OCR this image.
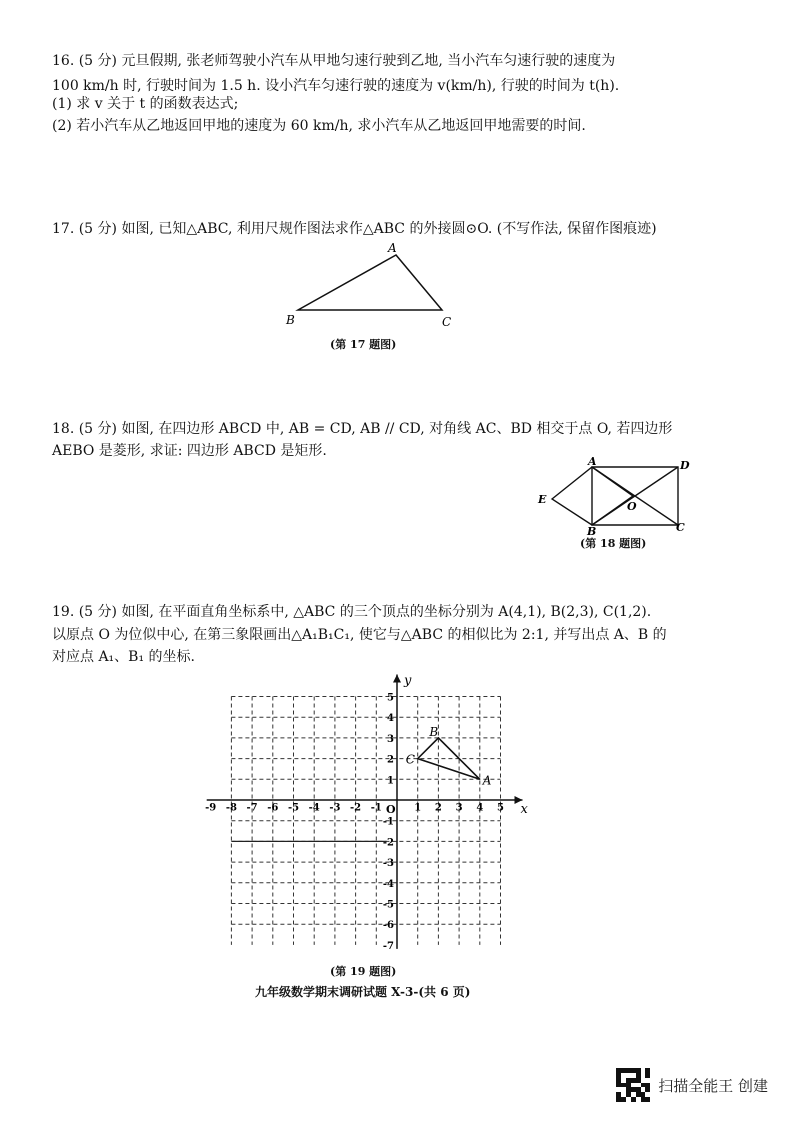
16. (5 分) 元旦假期, 张老师驾驶小汽车从甲地匀速行驶到乙地, 当小汽车匀速行驶的速度为
100 km/h 时, 行驶时间为 1.5 h. 设小汽车匀速行驶的速度为 v(km/h), 行驶的时间为 t(h).
(1) 求 v 关于 t 的函数表达式;
(2) 若小汽车从乙地返回甲地的速度为 60 km/h, 求小汽车从乙地返回甲地需要的时间.
17. (5 分) 如图, 已知△ABC, 利用尺规作图法求作△ABC 的外接圆⊙O. (不写作法, 保留作图痕迹)
A
B	C
(第 17 题图)
18. (5 分) 如图, 在四边形 ABCD 中, AB = CD, AB // CD, 对角线 AC、BD 相交于点 O, 若四边形
AEBO 是菱形, 求证: 四边形 ABCD 是矩形.
A	D
E
O
B	C
(第 18 题图)
19. (5 分) 如图, 在平面直角坐标系中, △ABC 的三个顶点的坐标分别为 A(4,1), B(2,3), C(1,2).
以原点 O 为位似中心, 在第三象限画出△A₁B₁C₁, 使它与△ABC 的相似比为 2:1, 并写出点 A、B 的
对应点 A₁、B₁ 的坐标.
x
y
O
-9 -8 -7 -6 -5 -4 -3 -2 -1	1 2 3 4 5
-7
-6
-5
-4
-3
-2
-1
1
2
3
4
5
A
B
C
(第 19 题图)
九年级数学期末调研试题 X-3-(共 6 页)
扫描全能王 创建
